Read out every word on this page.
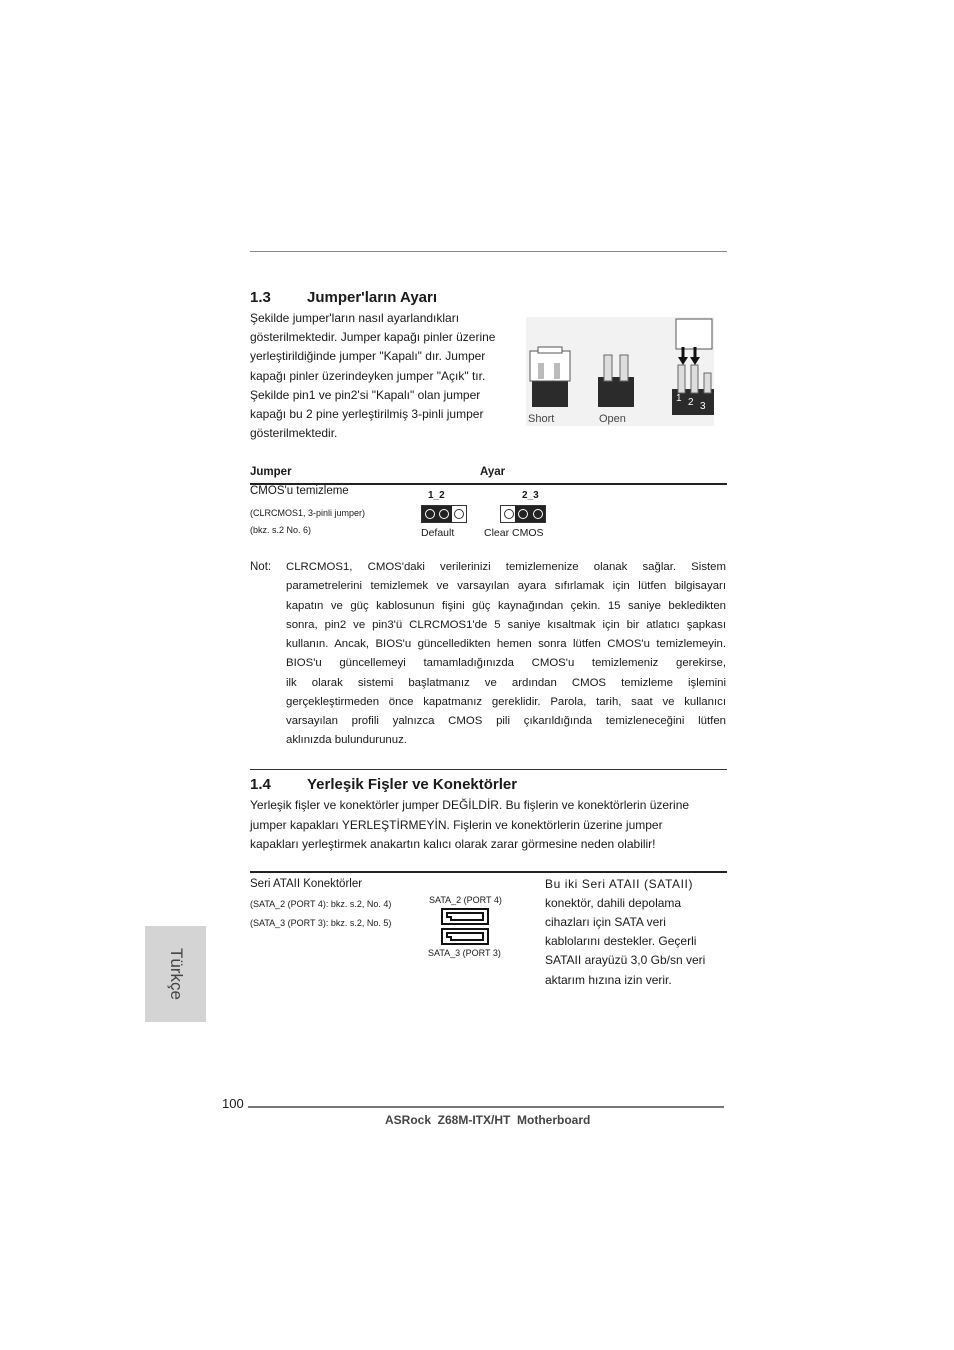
1.3 Jumper'ların Ayarı
Şekilde jumper'ların nasıl ayarlandıkları
gösterilmektedir. Jumper kapağı pinler üzerine
yerleştirildiğinde jumper "Kapalı" dır. Jumper
kapağı pinler üzerindeyken jumper "Açık" tır.
Şekilde pin1 ve pin2'si "Kapalı" olan jumper
kapağı bu 2 pine yerleştirilmiş 3-pinli jumper
gösterilmektedir.
Short	Open
1 2 3
Jumper	Ayar
CMOS'u temizleme
(CLRCMOS1, 3-pinli jumper)
(bkz. s.2 No. 6)
1_2
Default
2_3
Clear CMOS
Not: CLRCMOS1, CMOS'daki verilerinizi temizlemenize olanak sağlar. Sistem
parametrelerini temizlemek ve varsayılan ayara sıfırlamak için lütfen bilgisayarı
kapatın ve güç kablosunun fişini güç kaynağından çekin. 15 saniye bekledikten
sonra, pin2 ve pin3'ü CLRCMOS1'de 5 saniye kısaltmak için bir atlatıcı şapkası
kullanın. Ancak, BIOS'u güncelledikten hemen sonra lütfen CMOS'u temizlemeyin.
BIOS'u güncellemeyi tamamladığınızda CMOS'u temizlemeniz gerekirse,
ilk olarak sistemi başlatmanız ve ardından CMOS temizleme işlemini
gerçekleştirmeden önce kapatmanız gereklidir. Parola, tarih, saat ve kullanıcı
varsayılan profili yalnızca CMOS pili çıkarıldığında temizleneceğini lütfen
aklınızda bulundurunuz.
1.4 Yerleşik Fişler ve Konektörler
Yerleşik fişler ve konektörler jumper DEĞİLDİR. Bu fişlerin ve konektörlerin üzerine
jumper kapakları YERLEŞTİRMEYİN. Fişlerin ve konektörlerin üzerine jumper
kapakları yerleştirmek anakartın kalıcı olarak zarar görmesine neden olabilir!
Seri ATAII Konektörler
(SATA_2 (PORT 4): bkz. s.2, No. 4)
(SATA_3 (PORT 3): bkz. s.2, No. 5)
SATA_2 (PORT 4)
SATA_3 (PORT 3)
Bu iki Seri ATAII (SATAII)
konektör, dahili depolama
cihazları için SATA veri
kablolarını destekler. Geçerli
SATAII arayüzü 3,0 Gb/sn veri
aktarım hızına izin verir.
Türkçe
100
ASRock  Z68M-ITX/HT  Motherboard
